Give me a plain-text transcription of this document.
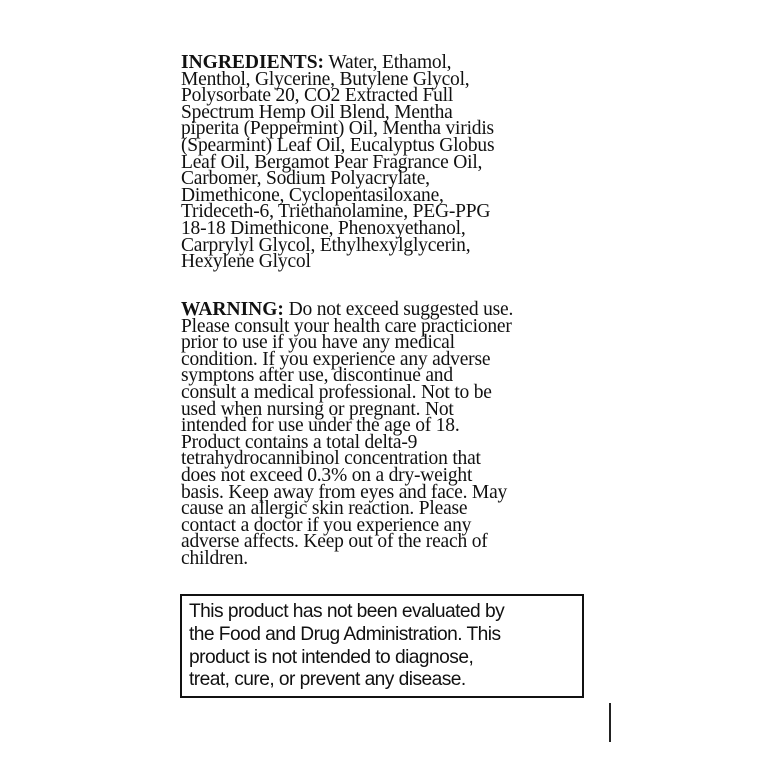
INGREDIENTS: Water, Ethamol,
Menthol, Glycerine, Butylene Glycol,
Polysorbate 20, CO2 Extracted Full
Spectrum Hemp Oil Blend, Mentha
piperita (Peppermint) Oil, Mentha viridis
(Spearmint) Leaf Oil, Eucalyptus Globus
Leaf Oil, Bergamot Pear Fragrance Oil,
Carbomer, Sodium Polyacrylate,
Dimethicone, Cyclopentasiloxane,
Trideceth-6, Triethanolamine, PEG-PPG
18-18 Dimethicone, Phenoxyethanol,
Carprylyl Glycol, Ethylhexylglycerin,
Hexylene Glycol

WARNING: Do not exceed suggested use.
Please consult your health care practicioner
prior to use if you have any medical
condition. If you experience any adverse
symptons after use, discontinue and
consult a medical professional. Not to be
used when nursing or pregnant. Not
intended for use under the age of 18.
Product contains a total delta-9
tetrahydrocannibinol concentration that
does not exceed 0.3% on a dry-weight
basis. Keep away from eyes and face. May
cause an allergic skin reaction. Please
contact a doctor if you experience any
adverse affects. Keep out of the reach of
children.

This product has not been evaluated by
the Food and Drug Administration. This
product is not intended to diagnose,
treat, cure, or prevent any disease.
